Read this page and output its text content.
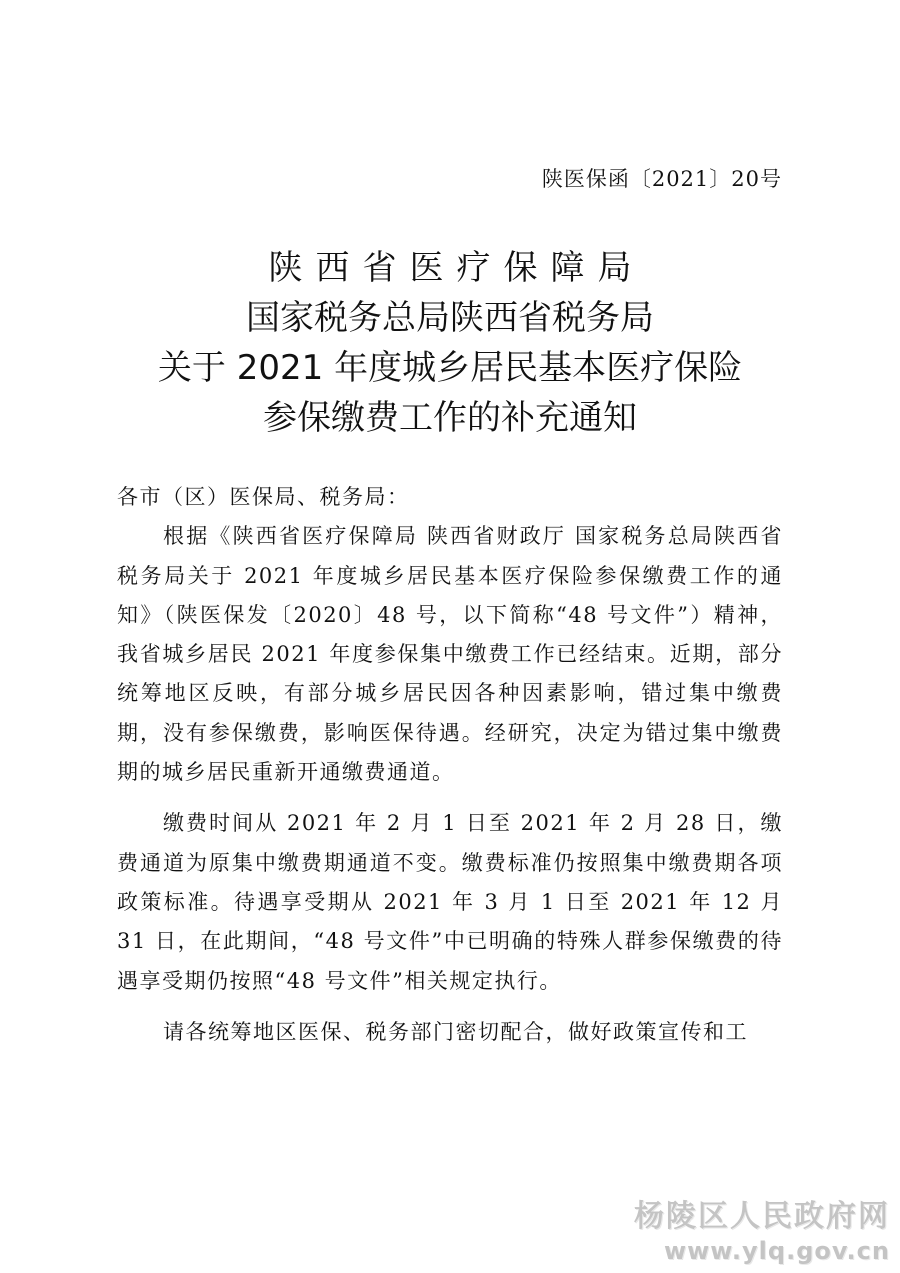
陕医保函〔2021〕20号
陕西省医疗保障局
国家税务总局陕西省税务局
关于 2021 年度城乡居民基本医疗保险
参保缴费工作的补充通知

各市（区）医保局、税务局：

根据《陕西省医疗保障局 陕西省财政厅 国家税务总局陕西省税务局关于 2021 年度城乡居民基本医疗保险参保缴费工作的通知》（陕医保发〔2020〕48 号，以下简称“48 号文件”）精神，我省城乡居民 2021 年度参保集中缴费工作已经结束。近期，部分统筹地区反映，有部分城乡居民因各种因素影响，错过集中缴费期，没有参保缴费，影响医保待遇。经研究，决定为错过集中缴费期的城乡居民重新开通缴费通道。

缴费时间从 2021 年 2 月 1 日至 2021 年 2 月 28 日，缴费通道为原集中缴费期通道不变。缴费标准仍按照集中缴费期各项政策标准。待遇享受期从 2021 年 3 月 1 日至 2021 年 12 月 31 日，在此期间，“48 号文件”中已明确的特殊人群参保缴费的待遇享受期仍按照“48 号文件”相关规定执行。

请各统筹地区医保、税务部门密切配合，做好政策宣传和工

杨陵区人民政府网
www.ylq.gov.cn
